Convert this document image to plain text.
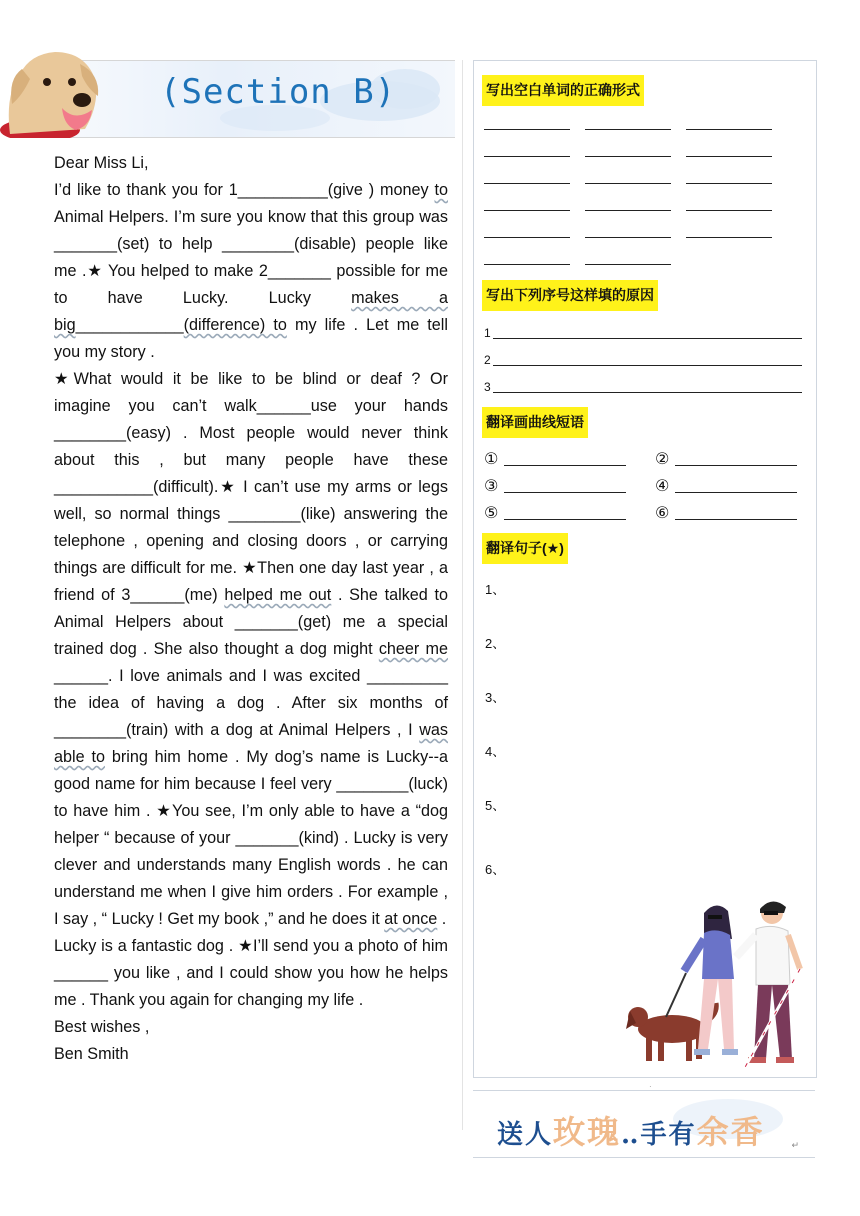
(Section B)

Dear Miss Li,

I’d like to thank you for 1__________(give ) money to Animal Helpers. I’m sure you know that this group was _______(set) to help ________(disable) people like me .★ You helped to make 2_______ possible for me to have Lucky. Lucky makes a big____________(difference) to my life . Let me tell you my story .

★What would it be like to be blind or deaf ? Or imagine you can’t walk______use your hands ________(easy) . Most people would never think about this , but many people have these ___________(difficult).★ I can’t use my arms or legs well, so normal things ________(like) answering the telephone , opening and closing doors , or carrying things are difficult for me. ★Then one day last year , a friend of 3______(me) helped me out . She talked to Animal Helpers about _______(get) me a special trained dog . She also thought a dog might cheer me ______. I love animals and I was excited _________ the idea of having a dog . After six months of ________(train) with a dog at Animal Helpers , I was able to bring him home . My dog’s name is Lucky--a good name for him because I feel very ________(luck) to have him . ★You see, I’m only able to have a “dog helper “ because of your _______(kind) . Lucky is very clever and understands many English words . he can understand me when I give him orders . For example , I say , “ Lucky ! Get my book ,” and he does it at once .

Lucky is a fantastic dog . ★I’ll send you a photo of him ______ you like , and I could show you how he helps me . Thank you again for changing my life .

Best wishes ,

Ben Smith

写出空白单词的正确形式
写出下列序号这样填的原因
1
2
3
翻译画曲线短语
①	②
③	④
⑤	⑥
翻译句子(★)
1、
2、
3、
4、
5、
6、
·
送人玫瑰‥手有余香	↵
